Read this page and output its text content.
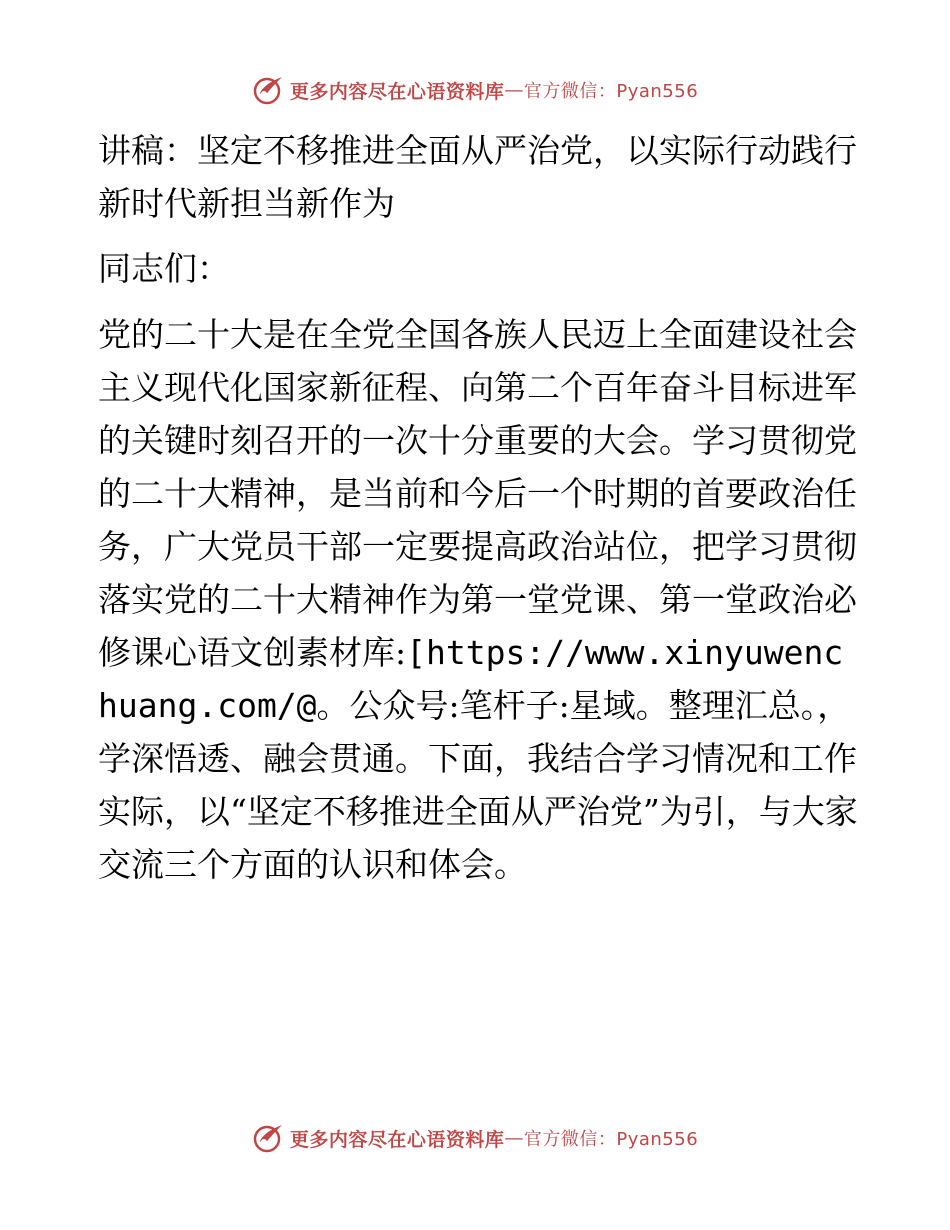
更多内容尽在心语资料库 — 官方微信：Pyan556
讲稿：坚定不移推进全面从严治党，以实际行动践行新时代新担当新作为
同志们：
党的二十大是在全党全国各族人民迈上全面建设社会主义现代化国家新征程、向第二个百年奋斗目标进军的关键时刻召开的一次十分重要的大会。学习贯彻党的二十大精神，是当前和今后一个时期的首要政治任务，广大党员干部一定要提高政治站位，把学习贯彻落实党的二十大精神作为第一堂党课、第一堂政治必修课心语文创素材库:[https://www.xinyuwenchuang.com/@。公众号:笔杆子:星域。整理汇总。，学深悟透、融会贯通。下面，我结合学习情况和工作实际，以“坚定不移推进全面从严治党”为引，与大家交流三个方面的认识和体会。
更多内容尽在心语资料库 — 官方微信：Pyan556
